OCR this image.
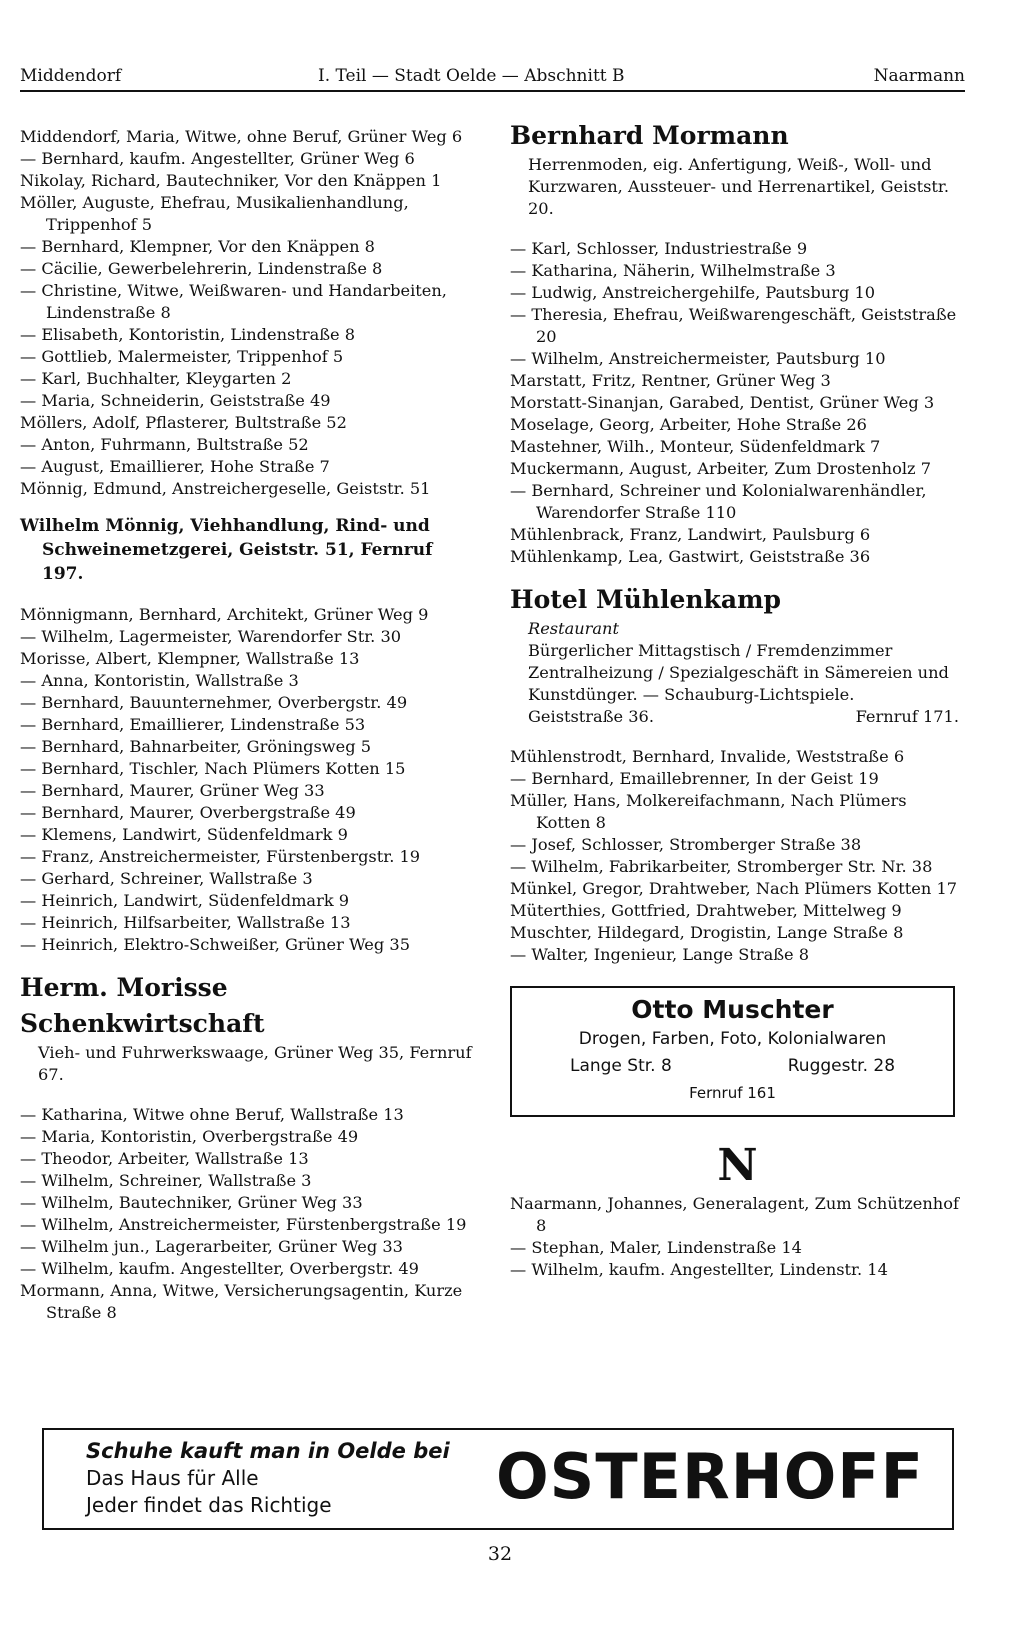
Middendorf	I. Teil — Stadt Oelde — Abschnitt B	Naarmann
Middendorf, Maria, Witwe, ohne Beruf, Grüner Weg 6
— Bernhard, kaufm. Angestellter, Grüner Weg 6
Nikolay, Richard, Bautechniker, Vor den Knäppen 1
Möller, Auguste, Ehefrau, Musikalienhandlung, Trippenhof 5
— Bernhard, Klempner, Vor den Knäppen 8
— Cäcilie, Gewerbelehrerin, Lindenstraße 8
— Christine, Witwe, Weißwaren- und Handarbeiten, Lindenstraße 8
— Elisabeth, Kontoristin, Lindenstraße 8
— Gottlieb, Malermeister, Trippenhof 5
— Karl, Buchhalter, Kleygarten 2
— Maria, Schneiderin, Geiststraße 49
Möllers, Adolf, Pflasterer, Bultstraße 52
— Anton, Fuhrmann, Bultstraße 52
— August, Emaillierer, Hohe Straße 7
Mönnig, Edmund, Anstreichergeselle, Geiststr. 51
Wilhelm Mönnig, Viehhandlung, Rind- und Schweinemetzgerei, Geiststr. 51, Fernruf 197.
Mönnigmann, Bernhard, Architekt, Grüner Weg 9
— Wilhelm, Lagermeister, Warendorfer Str. 30
Morisse, Albert, Klempner, Wallstraße 13
— Anna, Kontoristin, Wallstraße 3
— Bernhard, Bauunternehmer, Overbergstr. 49
— Bernhard, Emaillierer, Lindenstraße 53
— Bernhard, Bahnarbeiter, Gröningsweg 5
— Bernhard, Tischler, Nach Plümers Kotten 15
— Bernhard, Maurer, Grüner Weg 33
— Bernhard, Maurer, Overbergstraße 49
— Klemens, Landwirt, Südenfeldmark 9
— Franz, Anstreichermeister, Fürstenbergstr. 19
— Gerhard, Schreiner, Wallstraße 3
— Heinrich, Landwirt, Südenfeldmark 9
— Heinrich, Hilfsarbeiter, Wallstraße 13
— Heinrich, Elektro-Schweißer, Grüner Weg 35
Herm. Morisse Schenkwirtschaft
Vieh- und Fuhrwerkswaage, Grüner Weg 35, Fernruf 67.
— Katharina, Witwe ohne Beruf, Wallstraße 13
— Maria, Kontoristin, Overbergstraße 49
— Theodor, Arbeiter, Wallstraße 13
— Wilhelm, Schreiner, Wallstraße 3
— Wilhelm, Bautechniker, Grüner Weg 33
— Wilhelm, Anstreichermeister, Fürstenbergstraße 19
— Wilhelm jun., Lagerarbeiter, Grüner Weg 33
— Wilhelm, kaufm. Angestellter, Overbergstr. 49
Mormann, Anna, Witwe, Versicherungsagentin, Kurze Straße 8
Bernhard Mormann
Herrenmoden, eig. Anfertigung, Weiß-, Woll- und Kurzwaren, Aussteuer- und Herrenartikel, Geiststr. 20.
— Karl, Schlosser, Industriestraße 9
— Katharina, Näherin, Wilhelmstraße 3
— Ludwig, Anstreichergehilfe, Pautsburg 10
— Theresia, Ehefrau, Weißwarengeschäft, Geiststraße 20
— Wilhelm, Anstreichermeister, Pautsburg 10
Marstatt, Fritz, Rentner, Grüner Weg 3
Morstatt-Sinanjan, Garabed, Dentist, Grüner Weg 3
Moselage, Georg, Arbeiter, Hohe Straße 26
Mastehner, Wilh., Monteur, Südenfeldmark 7
Muckermann, August, Arbeiter, Zum Drostenholz 7
— Bernhard, Schreiner und Kolonialwarenhändler, Warendorfer Straße 110
Mühlenbrack, Franz, Landwirt, Paulsburg 6
Mühlenkamp, Lea, Gastwirt, Geiststraße 36
Hotel Mühlenkamp
Restaurant
Bürgerlicher Mittagstisch / Fremdenzimmer Zentralheizung / Spezialgeschäft in Sämereien und Kunstdünger. — Schauburg-Lichtspiele.
Geiststraße 36.	Fernruf 171.
Mühlenstrodt, Bernhard, Invalide, Weststraße 6
— Bernhard, Emaillebrenner, In der Geist 19
Müller, Hans, Molkereifachmann, Nach Plümers Kotten 8
— Josef, Schlosser, Stromberger Straße 38
— Wilhelm, Fabrikarbeiter, Stromberger Str. Nr. 38
Münkel, Gregor, Drahtweber, Nach Plümers Kotten 17
Müterthies, Gottfried, Drahtweber, Mittelweg 9
Muschter, Hildegard, Drogistin, Lange Straße 8
— Walter, Ingenieur, Lange Straße 8
Otto Muschter
Drogen, Farben, Foto, Kolonialwaren
Lange Str. 8	Ruggestr. 28
Fernruf 161
N
Naarmann, Johannes, Generalagent, Zum Schützenhof 8
— Stephan, Maler, Lindenstraße 14
— Wilhelm, kaufm. Angestellter, Lindenstr. 14
Schuhe kauft man in Oelde bei
Das Haus für Alle
Jeder findet das Richtige	OSTERHOFF
32
